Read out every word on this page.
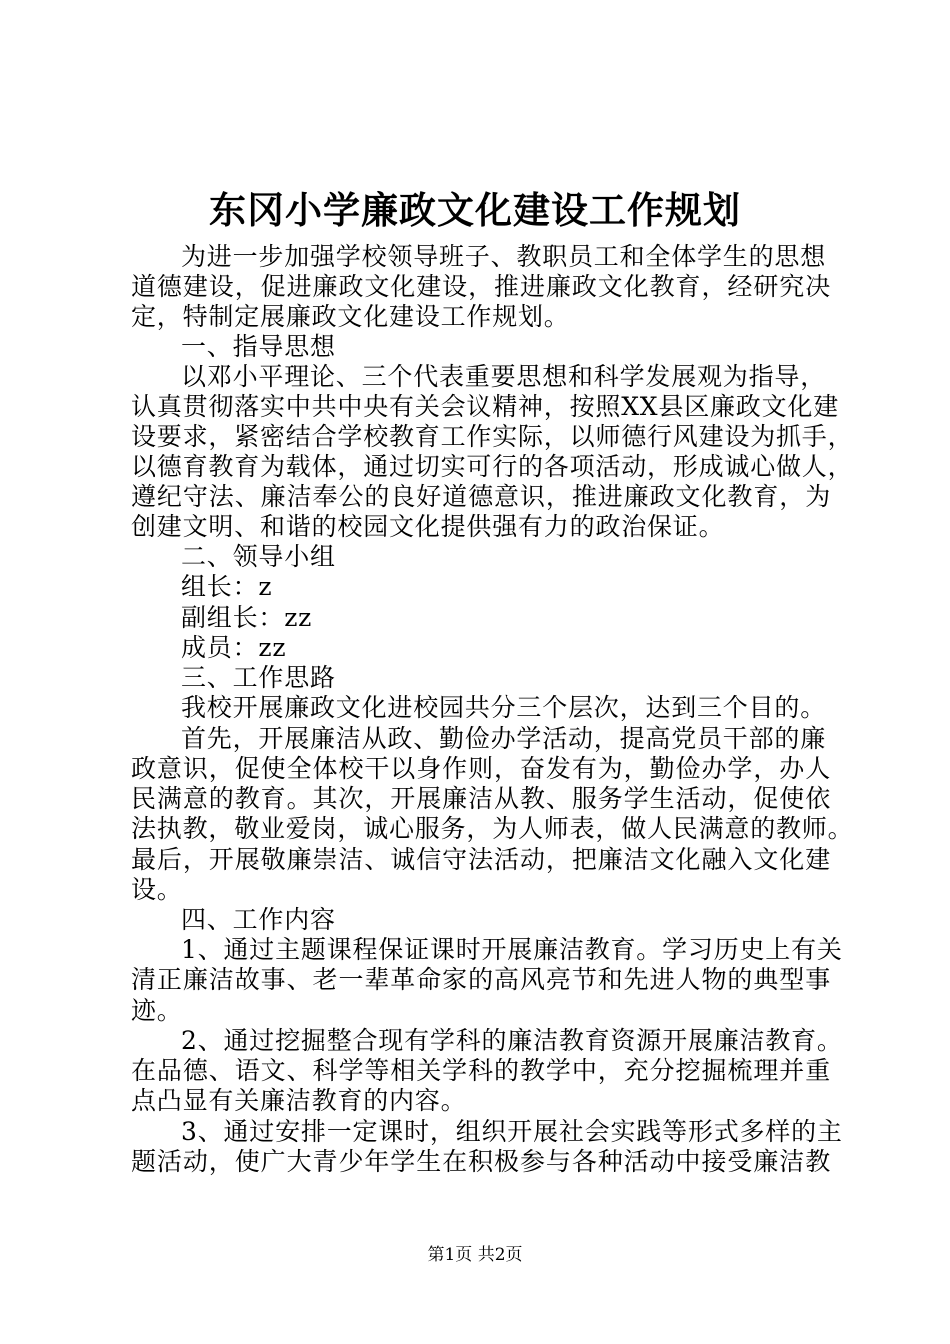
东冈小学廉政文化建设工作规划
为进一步加强学校领导班子、教职员工和全体学生的思想
道德建设，促进廉政文化建设，推进廉政文化教育，经研究决
定，特制定展廉政文化建设工作规划。
一、指导思想
以邓小平理论、三个代表重要思想和科学发展观为指导，
认真贯彻落实中共中央有关会议精神，按照XX县区廉政文化建
设要求，紧密结合学校教育工作实际，以师德行风建设为抓手，
以德育教育为载体，通过切实可行的各项活动，形成诚心做人，
遵纪守法、廉洁奉公的良好道德意识，推进廉政文化教育，为
创建文明、和谐的校园文化提供强有力的政治保证。
二、领导小组
组长：z
副组长：zz
成员：zz
三、工作思路
我校开展廉政文化进校园共分三个层次，达到三个目的。
首先，开展廉洁从政、勤俭办学活动，提高党员干部的廉
政意识，促使全体校干以身作则，奋发有为，勤俭办学，办人
民满意的教育。其次，开展廉洁从教、服务学生活动，促使依
法执教，敬业爱岗，诚心服务，为人师表，做人民满意的教师。
最后，开展敬廉崇洁、诚信守法活动，把廉洁文化融入文化建
设。
四、工作内容
1、通过主题课程保证课时开展廉洁教育。学习历史上有关
清正廉洁故事、老一辈革命家的高风亮节和先进人物的典型事
迹。
2、通过挖掘整合现有学科的廉洁教育资源开展廉洁教育。
在品德、语文、科学等相关学科的教学中，充分挖掘梳理并重
点凸显有关廉洁教育的内容。
3、通过安排一定课时，组织开展社会实践等形式多样的主
题活动，使广大青少年学生在积极参与各种活动中接受廉洁教
第1页 共2页
